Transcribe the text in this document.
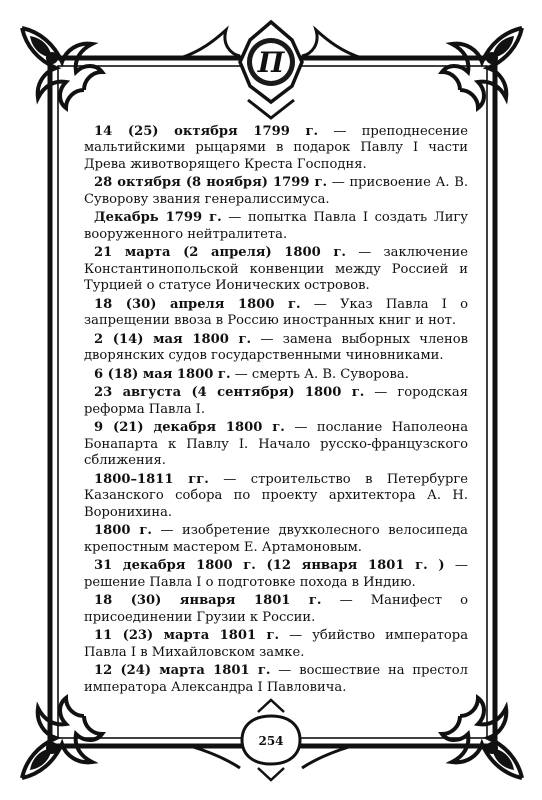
П
254

14 (25) октября 1799 г. — преподнесение мальтийскими рыцарями в подарок Павлу I части Древа животворящего Креста Господня.

28 октября (8 ноября) 1799 г. — присвоение А. В. Суворову звания генералиссимуса.

Декабрь 1799 г. — попытка Павла I создать Лигу вооруженного нейтралитета.

21 марта (2 апреля) 1800 г. — заключение Константинопольской конвенции между Россией и Турцией о статусе Ионических островов.

18 (30) апреля 1800 г. — Указ Павла I о запрещении ввоза в Россию иностранных книг и нот.

2 (14) мая 1800 г. — замена выборных членов дворянских судов государственными чиновниками.

6 (18) мая 1800 г. — смерть А. В. Суворова.

23 августа (4 сентября) 1800 г. — городская реформа Павла I.

9 (21) декабря 1800 г. — послание Наполеона Бонапарта к Павлу I. Начало русско-французского сближения.

1800–1811 гг. — строительство в Петербурге Казанского собора по проекту архитектора А. Н. Воронихина.

1800 г. — изобретение двухколесного велосипеда крепостным мастером Е. Артамоновым.

31 декабря 1800 г. (12 января 1801 г. ) — решение Павла I о подготовке похода в Индию.

18 (30) января 1801 г. — Манифест о присоединении Грузии к России.

11 (23) марта 1801 г. — убийство императора Павла I в Михайловском замке.

12 (24) марта 1801 г. — восшествие на престол императора Александра I Павловича.
